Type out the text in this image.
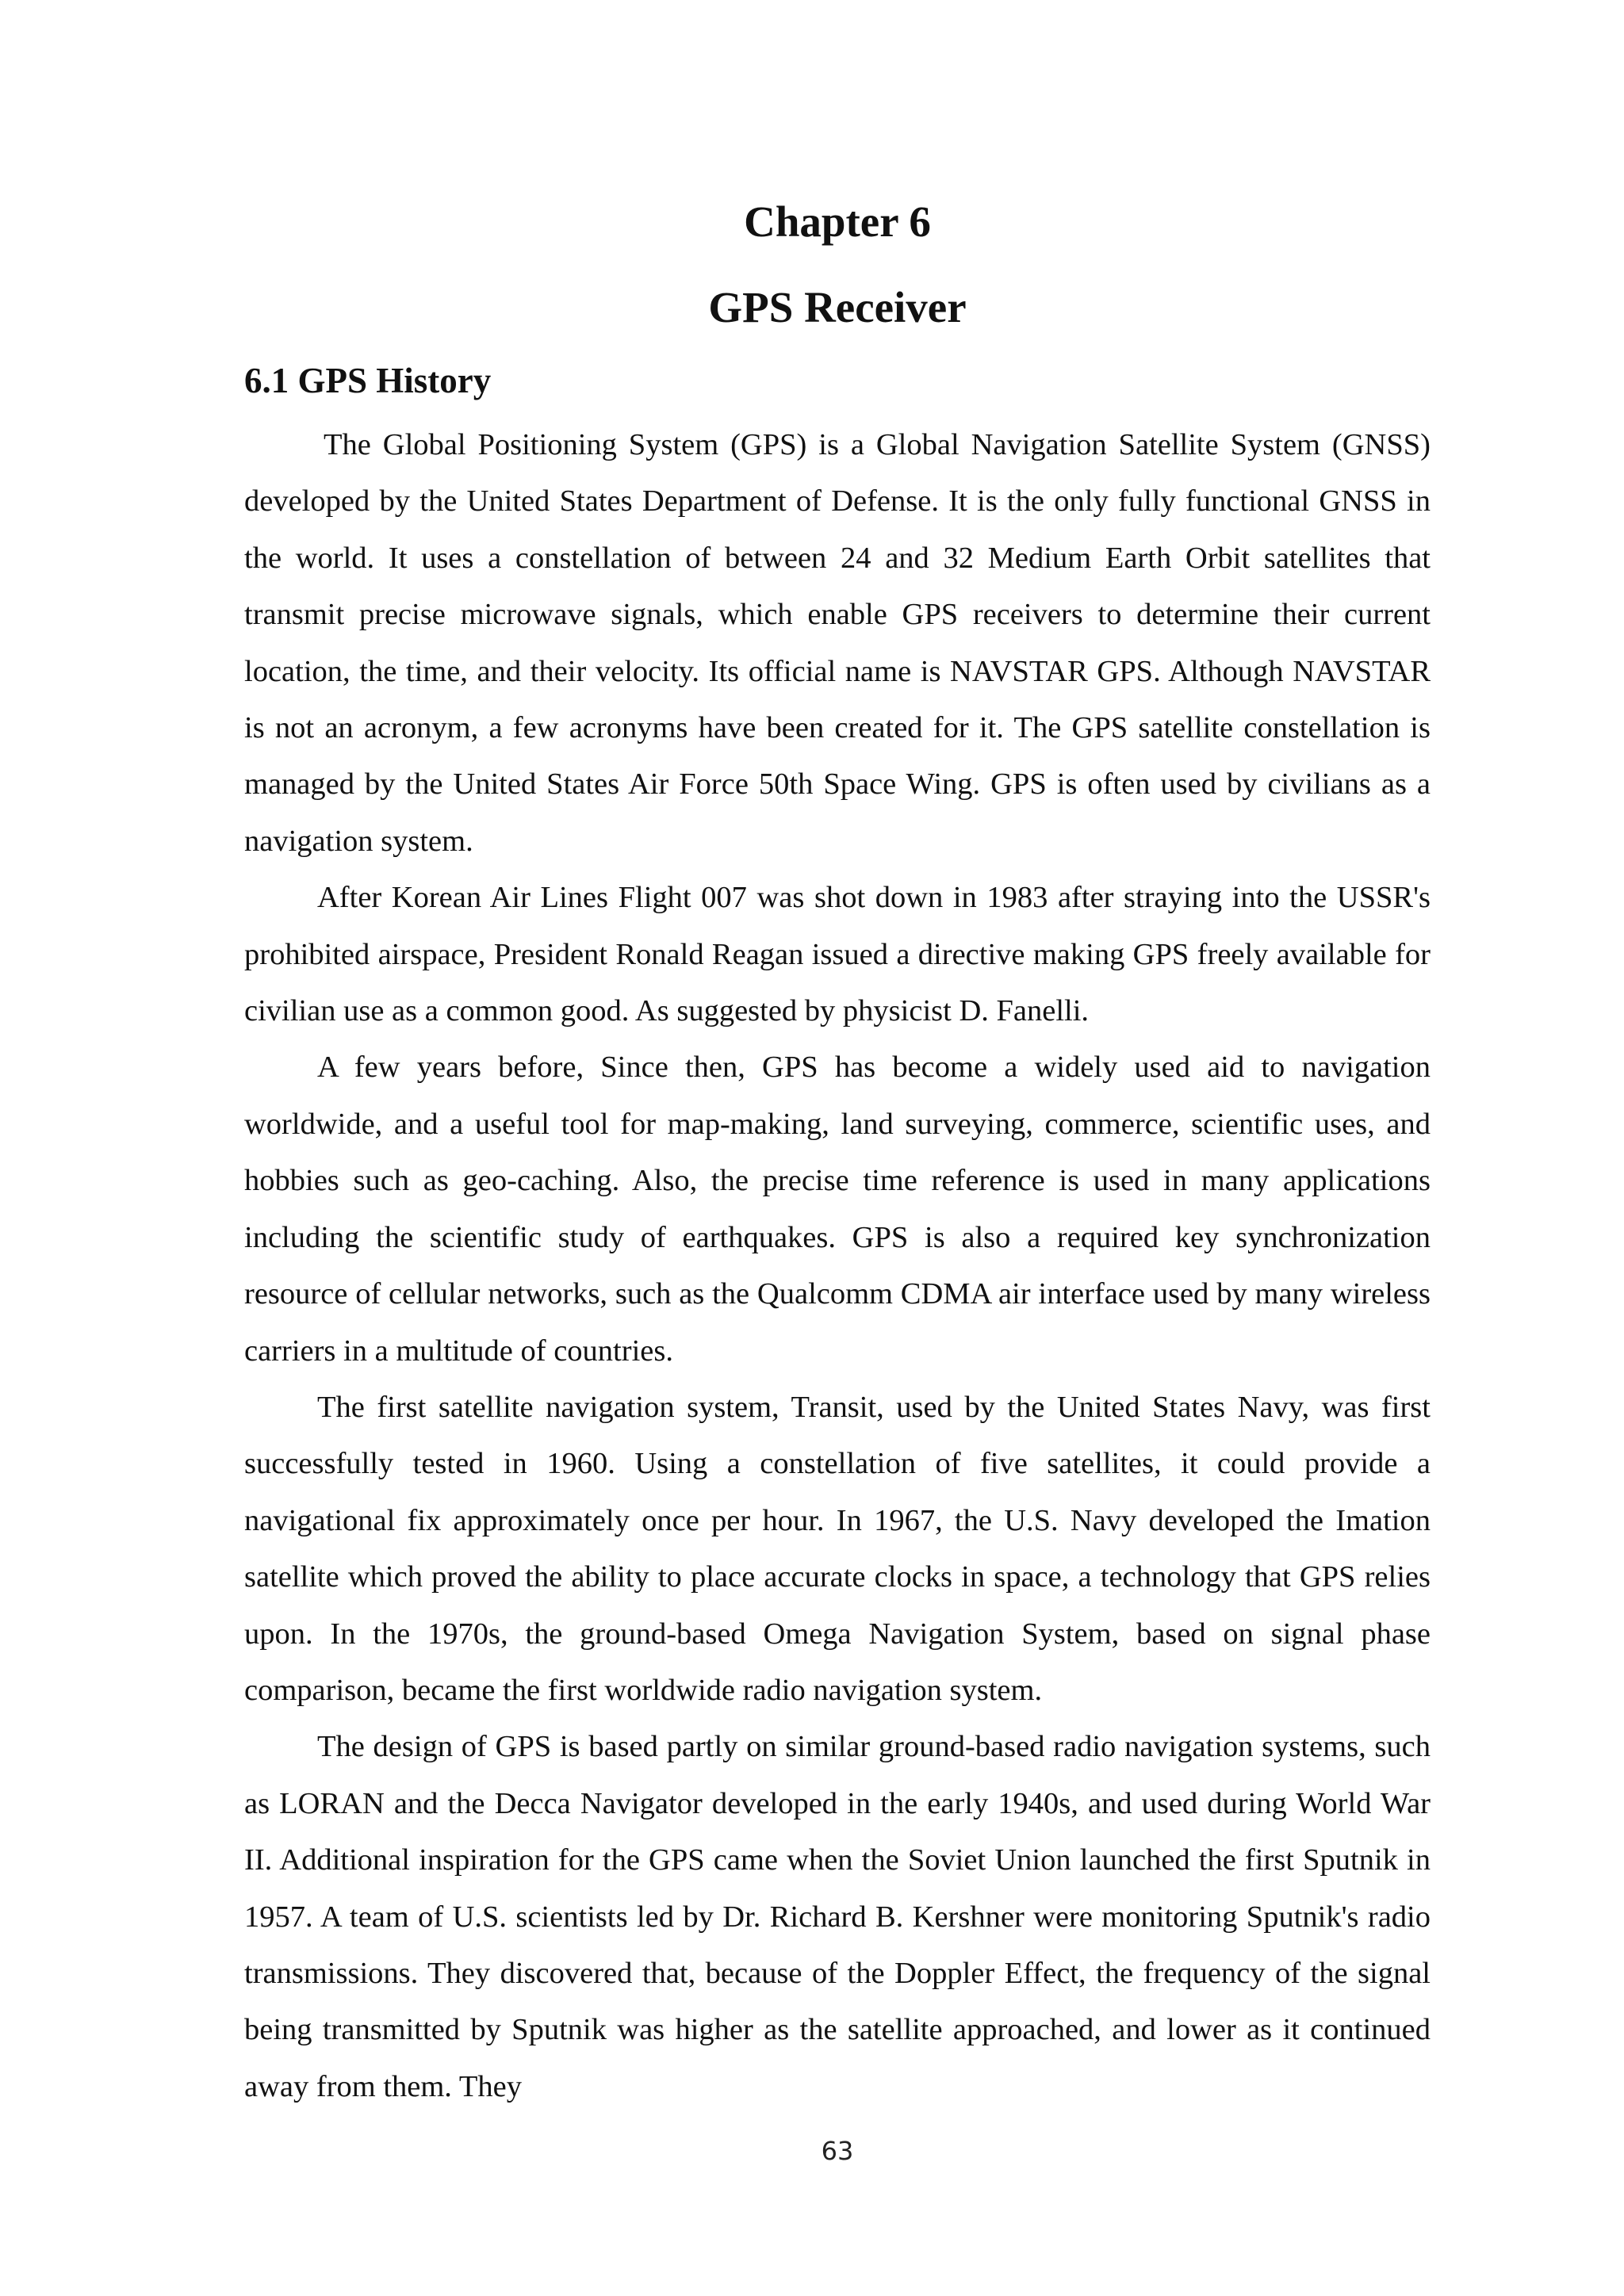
Chapter 6
GPS Receiver
6.1 GPS History

The Global Positioning System (GPS) is a Global Navigation Satellite System (GNSS) developed by the United States Department of Defense. It is the only fully functional GNSS in the world. It uses a constellation of between 24 and 32 Medium Earth Orbit satellites that transmit precise microwave signals, which enable GPS receivers to determine their current location, the time, and their velocity. Its official name is NAVSTAR GPS. Although NAVSTAR is not an acronym, a few acronyms have been created for it. The GPS satellite constellation is managed by the United States Air Force 50th Space Wing. GPS is often used by civilians as a navigation system.

After Korean Air Lines Flight 007 was shot down in 1983 after straying into the USSR's prohibited airspace, President Ronald Reagan issued a directive making GPS freely available for civilian use as a common good. As suggested by physicist D. Fanelli.

A few years before, Since then, GPS has become a widely used aid to navigation worldwide, and a useful tool for map-making, land surveying, commerce, scientific uses, and hobbies such as geo-caching. Also, the precise time reference is used in many applications including the scientific study of earthquakes. GPS is also a required key synchronization resource of cellular networks, such as the Qualcomm CDMA air interface used by many wireless carriers in a multitude of countries.

The first satellite navigation system, Transit, used by the United States Navy, was first successfully tested in 1960. Using a constellation of five satellites, it could provide a navigational fix approximately once per hour. In 1967, the U.S. Navy developed the Imation satellite which proved the ability to place accurate clocks in space, a technology that GPS relies upon. In the 1970s, the ground-based Omega Navigation System, based on signal phase comparison, became the first worldwide radio navigation system.

The design of GPS is based partly on similar ground-based radio navigation systems, such as LORAN and the Decca Navigator developed in the early 1940s, and used during World War II. Additional inspiration for the GPS came when the Soviet Union launched the first Sputnik in 1957. A team of U.S. scientists led by Dr. Richard B. Kershner were monitoring Sputnik's radio transmissions. They discovered that, because of the Doppler Effect, the frequency of the signal being transmitted by Sputnik was higher as the satellite approached, and lower as it continued away from them. They

63
